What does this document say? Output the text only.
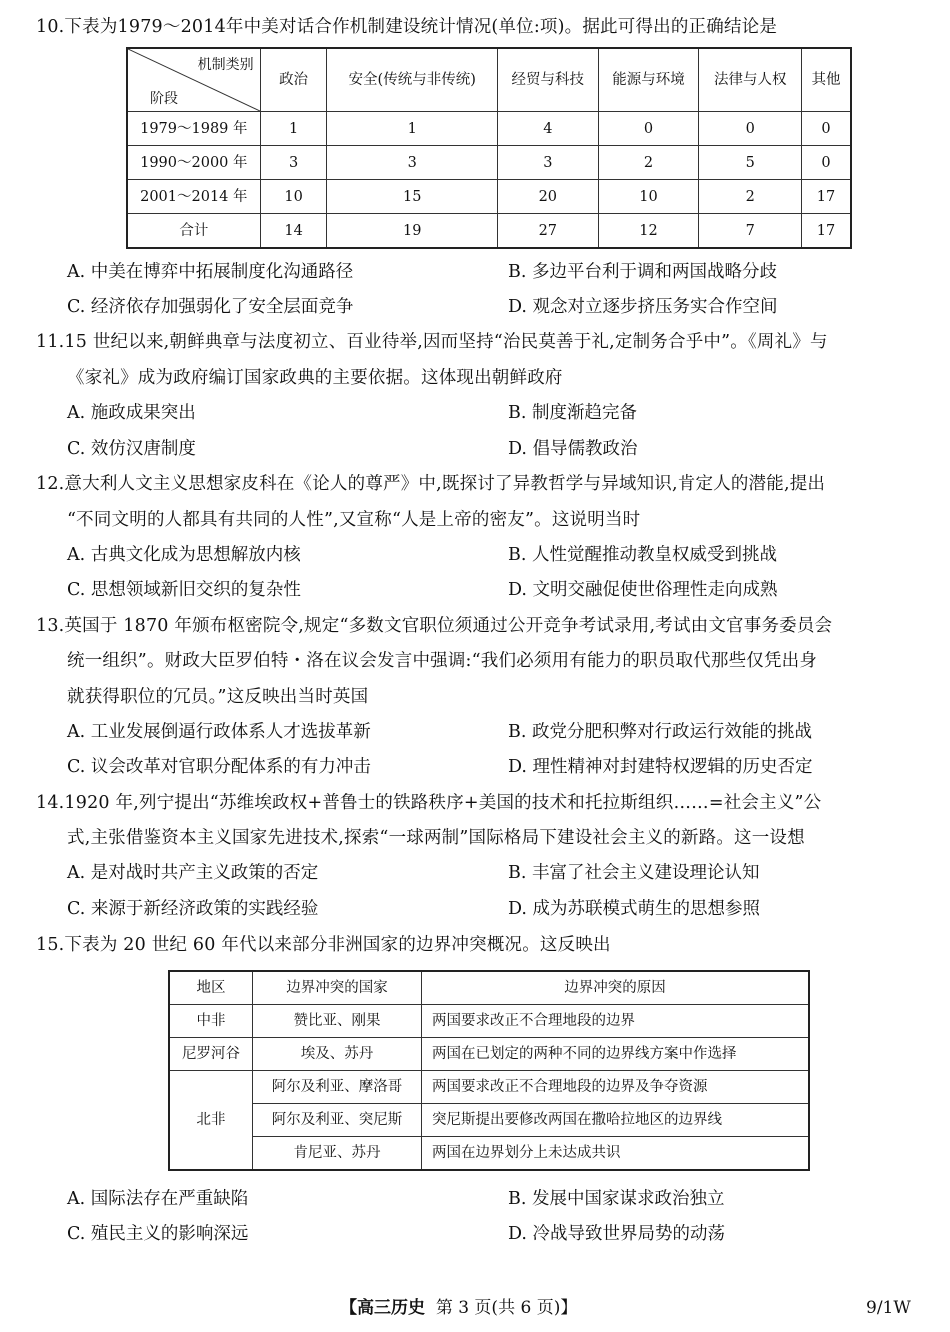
10.下表为1979～2014年中美对话合作机制建设统计情况(单位:项)。据此可得出的正确结论是
机制类别
阶段	政治	安全(传统与非传统)	经贸与科技	能源与环境	法律与人权	其他
1979～1989 年	1	1	4	0	0	0
1990～2000 年	3	3	3	2	5	0
2001～2014 年	10	15	20	10	2	17
合计	14	19	27	12	7	17
A. 中美在博弈中拓展制度化沟通路径	B. 多边平台利于调和两国战略分歧
C. 经济依存加强弱化了安全层面竞争	D. 观念对立逐步挤压务实合作空间
11.15 世纪以来,朝鲜典章与法度初立、百业待举,因而坚持“治民莫善于礼,定制务合乎中”。《周礼》与
《家礼》成为政府编订国家政典的主要依据。这体现出朝鲜政府
A. 施政成果突出	B. 制度渐趋完备
C. 效仿汉唐制度	D. 倡导儒教政治
12.意大利人文主义思想家皮科在《论人的尊严》中,既探讨了异教哲学与异域知识,肯定人的潜能,提出
“不同文明的人都具有共同的人性”,又宣称“人是上帝的密友”。这说明当时
A. 古典文化成为思想解放内核	B. 人性觉醒推动教皇权威受到挑战
C. 思想领域新旧交织的复杂性	D. 文明交融促使世俗理性走向成熟
13.英国于 1870 年颁布枢密院令,规定“多数文官职位须通过公开竞争考试录用,考试由文官事务委员会
统一组织”。财政大臣罗伯特・洛在议会发言中强调:“我们必须用有能力的职员取代那些仅凭出身
就获得职位的冗员。”这反映出当时英国
A. 工业发展倒逼行政体系人才选拔革新	B. 政党分肥积弊对行政运行效能的挑战
C. 议会改革对官职分配体系的有力冲击	D. 理性精神对封建特权逻辑的历史否定
14.1920 年,列宁提出“苏维埃政权+普鲁士的铁路秩序+美国的技术和托拉斯组织……=社会主义”公
式,主张借鉴资本主义国家先进技术,探索“一球两制”国际格局下建设社会主义的新路。这一设想
A. 是对战时共产主义政策的否定	B. 丰富了社会主义建设理论认知
C. 来源于新经济政策的实践经验	D. 成为苏联模式萌生的思想参照
15.下表为 20 世纪 60 年代以来部分非洲国家的边界冲突概况。这反映出
地区	边界冲突的国家	边界冲突的原因
中非	赞比亚、刚果	两国要求改正不合理地段的边界
尼罗河谷	埃及、苏丹	两国在已划定的两种不同的边界线方案中作选择
北非	阿尔及利亚、摩洛哥	两国要求改正不合理地段的边界及争夺资源
	阿尔及利亚、突尼斯	突尼斯提出要修改两国在撒哈拉地区的边界线
	肯尼亚、苏丹	两国在边界划分上未达成共识
A. 国际法存在严重缺陷	B. 发展中国家谋求政治独立
C. 殖民主义的影响深远	D. 冷战导致世界局势的动荡
【高三历史 第 3 页(共 6 页)】	9/1W
